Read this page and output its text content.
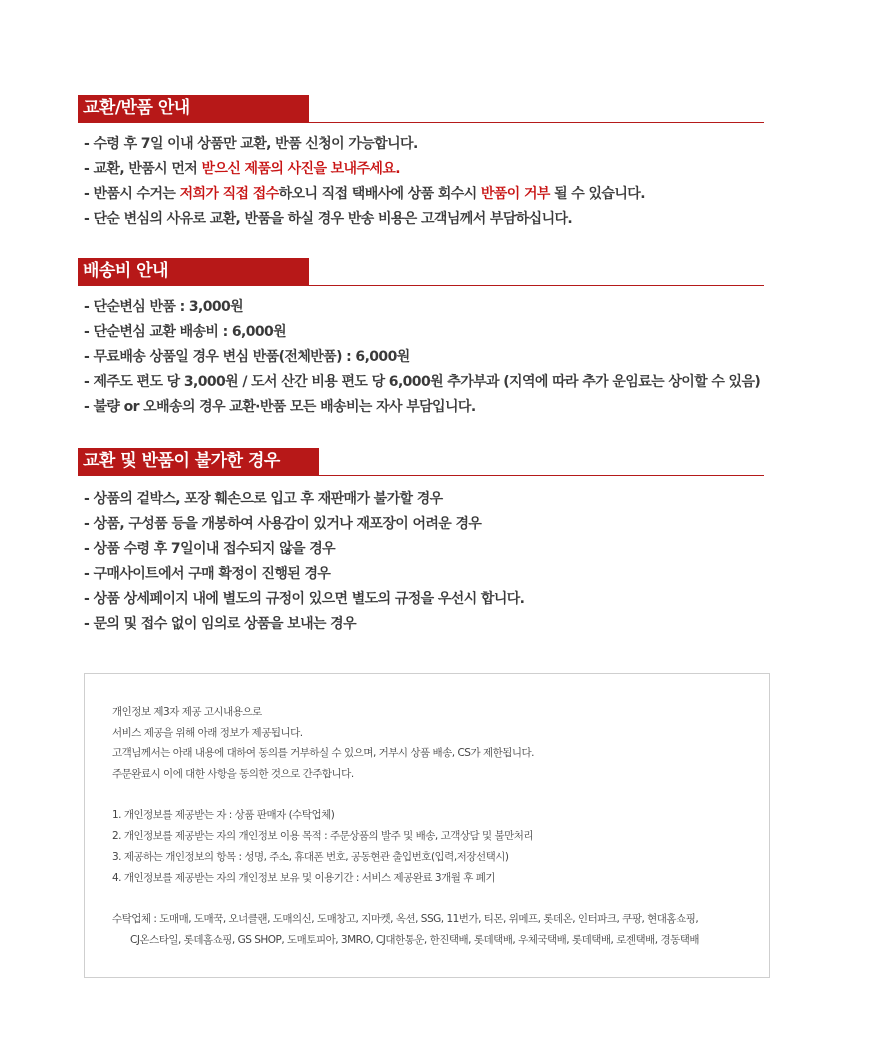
교환/반품 안내
- 수령 후 7일 이내 상품만 교환, 반품 신청이 가능합니다.
- 교환, 반품시 먼저 받으신 제품의 사진을 보내주세요.
- 반품시 수거는 저희가 직접 접수하오니 직접 택배사에 상품 회수시 반품이 거부 될 수 있습니다.
- 단순 변심의 사유로 교환, 반품을 하실 경우 반송 비용은 고객님께서 부담하십니다.
배송비 안내
- 단순변심 반품 : 3,000원
- 단순변심 교환 배송비 : 6,000원
- 무료배송 상품일 경우 변심 반품(전체반품) : 6,000원
- 제주도 편도 당 3,000원 / 도서 산간 비용 편도 당 6,000원 추가부과 (지역에 따라 추가 운임료는 상이할 수 있음)
- 불량 or 오배송의 경우 교환·반품 모든 배송비는 자사 부담입니다.
교환 및 반품이 불가한 경우
- 상품의 겉박스, 포장 훼손으로 입고 후 재판매가 불가할 경우
- 상품, 구성품 등을 개봉하여 사용감이 있거나 재포장이 어려운 경우
- 상품 수령 후 7일이내 접수되지 않을 경우
- 구매사이트에서 구매 확정이 진행된 경우
- 상품 상세페이지 내에 별도의 규정이 있으면 별도의 규정을 우선시 합니다.
- 문의 및 접수 없이 임의로 상품을 보내는 경우
개인정보 제3자 제공 고시내용으로
서비스 제공을 위해 아래 정보가 제공됩니다.
고객님께서는 아래 내용에 대하여 동의를 거부하실 수 있으며, 거부시 상품 배송, CS가 제한됩니다.
주문완료시 이에 대한 사항을 동의한 것으로 간주합니다.
1. 개인정보를 제공받는 자 : 상품 판매자 (수탁업체)
2. 개인정보를 제공받는 자의 개인정보 이용 목적 : 주문상품의 발주 및 배송, 고객상담 및 불만처리
3. 제공하는 개인정보의 항목 : 성명, 주소, 휴대폰 번호, 공동현관 출입번호(입력,저장선택시)
4. 개인정보를 제공받는 자의 개인정보 보유 및 이용기간 : 서비스 제공완료 3개월 후 폐기
수탁업체 : 도매매, 도매꾹, 오너클랜, 도매의신, 도매창고, 지마켓, 옥션, SSG, 11번가, 티몬, 위메프, 롯데온, 인터파크, 쿠팡, 현대홈쇼핑,
CJ온스타일, 롯데홈쇼핑, GS SHOP, 도매토피아, 3MRO, CJ대한통운, 한진택배, 롯데택배, 우체국택배, 롯데택배, 로젠택배, 경동택배
